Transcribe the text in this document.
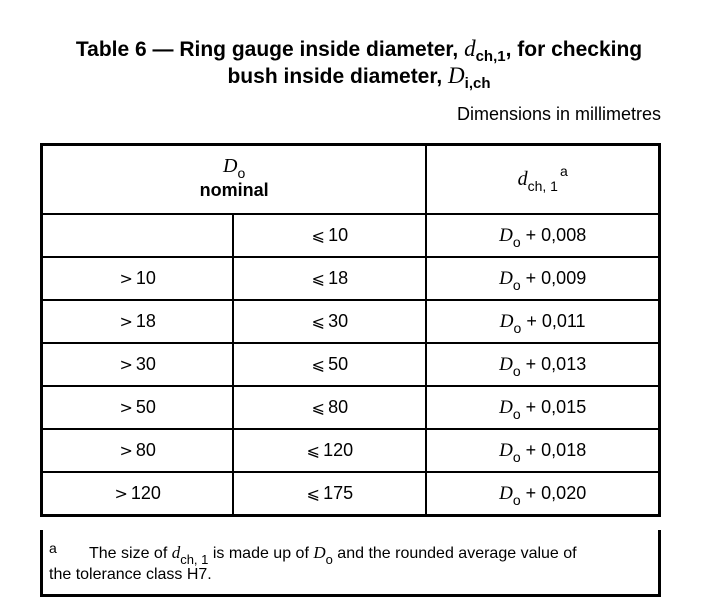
Table 6 — Ring gauge inside diameter, $d_{ch,1}$, for checking
bush inside diameter, $D_{i,ch}$
Dimensions in millimetres
$D_o$
nominal		$d_{ch, 1}^a$
	⩽ 10	$D_o + 0,008$
> 10	⩽ 18	$D_o + 0,009$
> 18	⩽ 30	$D_o + 0,011$
> 30	⩽ 50	$D_o + 0,013$
> 50	⩽ 80	$D_o + 0,015$
> 80	⩽ 120	$D_o + 0,018$
> 120	⩽ 175	$D_o + 0,020$
a The size of $d_{ch, 1}$ is made up of $D_o$ and the rounded average value of
the tolerance class H7.
